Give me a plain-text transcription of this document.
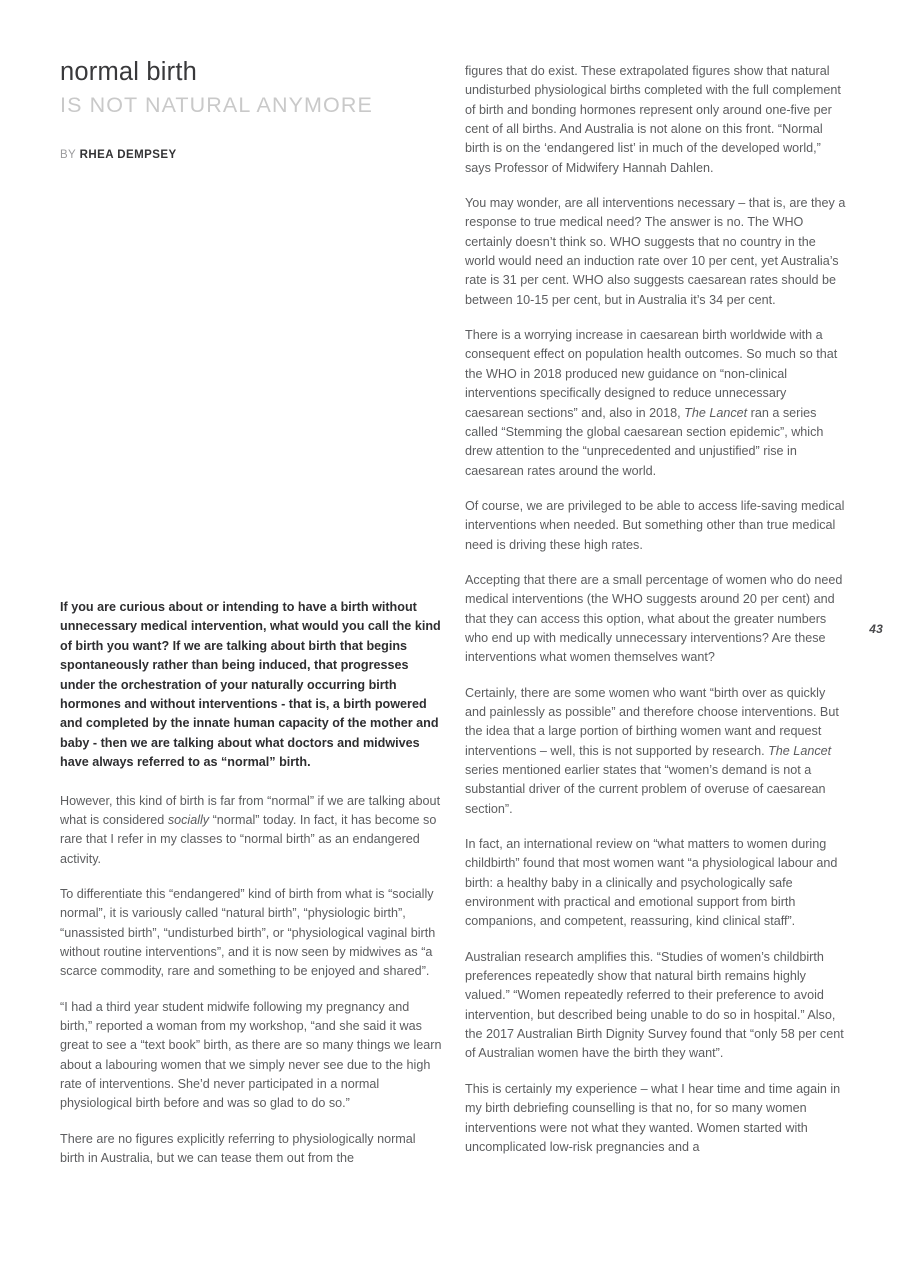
normal birth
IS NOT NATURAL ANYMORE
BY RHEA DEMPSEY

If you are curious about or intending to have a birth without unnecessary medical intervention, what would you call the kind of birth you want? If we are talking about birth that begins spontaneously rather than being induced, that progresses under the orchestration of your naturally occurring birth hormones and without interventions - that is, a birth powered and completed by the innate human capacity of the mother and baby - then we are talking about what doctors and midwives have always referred to as “normal” birth.

However, this kind of birth is far from “normal” if we are talking about what is considered socially “normal” today. In fact, it has become so rare that I refer in my classes to “normal birth” as an endangered activity.

To differentiate this “endangered” kind of birth from what is “socially normal”, it is variously called “natural birth”, “physiologic birth”, “unassisted birth”, “undisturbed birth”, or “physiological vaginal birth without routine interventions”, and it is now seen by midwives as “a scarce commodity, rare and something to be enjoyed and shared”.

“I had a third year student midwife following my pregnancy and birth,” reported a woman from my workshop, “and she said it was great to see a “text book” birth, as there are so many things we learn about a labouring women that we simply never see due to the high rate of interventions. She’d never participated in a normal physiological birth before and was so glad to do so.”

There are no figures explicitly referring to physiologically normal birth in Australia, but we can tease them out from the

figures that do exist. These extrapolated figures show that natural undisturbed physiological births completed with the full complement of birth and bonding hormones represent only around one-five per cent of all births. And Australia is not alone on this front. “Normal birth is on the ‘endangered list’ in much of the developed world,” says Professor of Midwifery Hannah Dahlen.

You may wonder, are all interventions necessary – that is, are they a response to true medical need? The answer is no. The WHO certainly doesn’t think so. WHO suggests that no country in the world would need an induction rate over 10 per cent, yet Australia’s rate is 31 per cent. WHO also suggests caesarean rates should be between 10-15 per cent, but in Australia it’s 34 per cent.

There is a worrying increase in caesarean birth worldwide with a consequent effect on population health outcomes. So much so that the WHO in 2018 produced new guidance on “non-clinical interventions specifically designed to reduce unnecessary caesarean sections” and, also in 2018, The Lancet ran a series called “Stemming the global caesarean section epidemic”, which drew attention to the “unprecedented and unjustified” rise in caesarean rates around the world.

Of course, we are privileged to be able to access life-saving medical interventions when needed. But something other than true medical need is driving these high rates.

Accepting that there are a small percentage of women who do need medical interventions (the WHO suggests around 20 per cent) and that they can access this option, what about the greater numbers who end up with medically unnecessary interventions? Are these interventions what women themselves want?

Certainly, there are some women who want “birth over as quickly and painlessly as possible” and therefore choose interventions. But the idea that a large portion of birthing women want and request interventions – well, this is not supported by research. The Lancet series mentioned earlier states that “women’s demand is not a substantial driver of the current problem of overuse of caesarean section”.

In fact, an international review on “what matters to women during childbirth” found that most women want “a physiological labour and birth: a healthy baby in a clinically and psychologically safe environment with practical and emotional support from birth companions, and competent, reassuring, kind clinical staff”.

Australian research amplifies this. “Studies of women’s childbirth preferences repeatedly show that natural birth remains highly valued.” “Women repeatedly referred to their preference to avoid intervention, but described being unable to do so in hospital.” Also, the 2017 Australian Birth Dignity Survey found that “only 58 per cent of Australian women have the birth they want”.

This is certainly my experience – what I hear time and time again in my birth debriefing counselling is that no, for so many women interventions were not what they wanted. Women started with uncomplicated low-risk pregnancies and a

43
